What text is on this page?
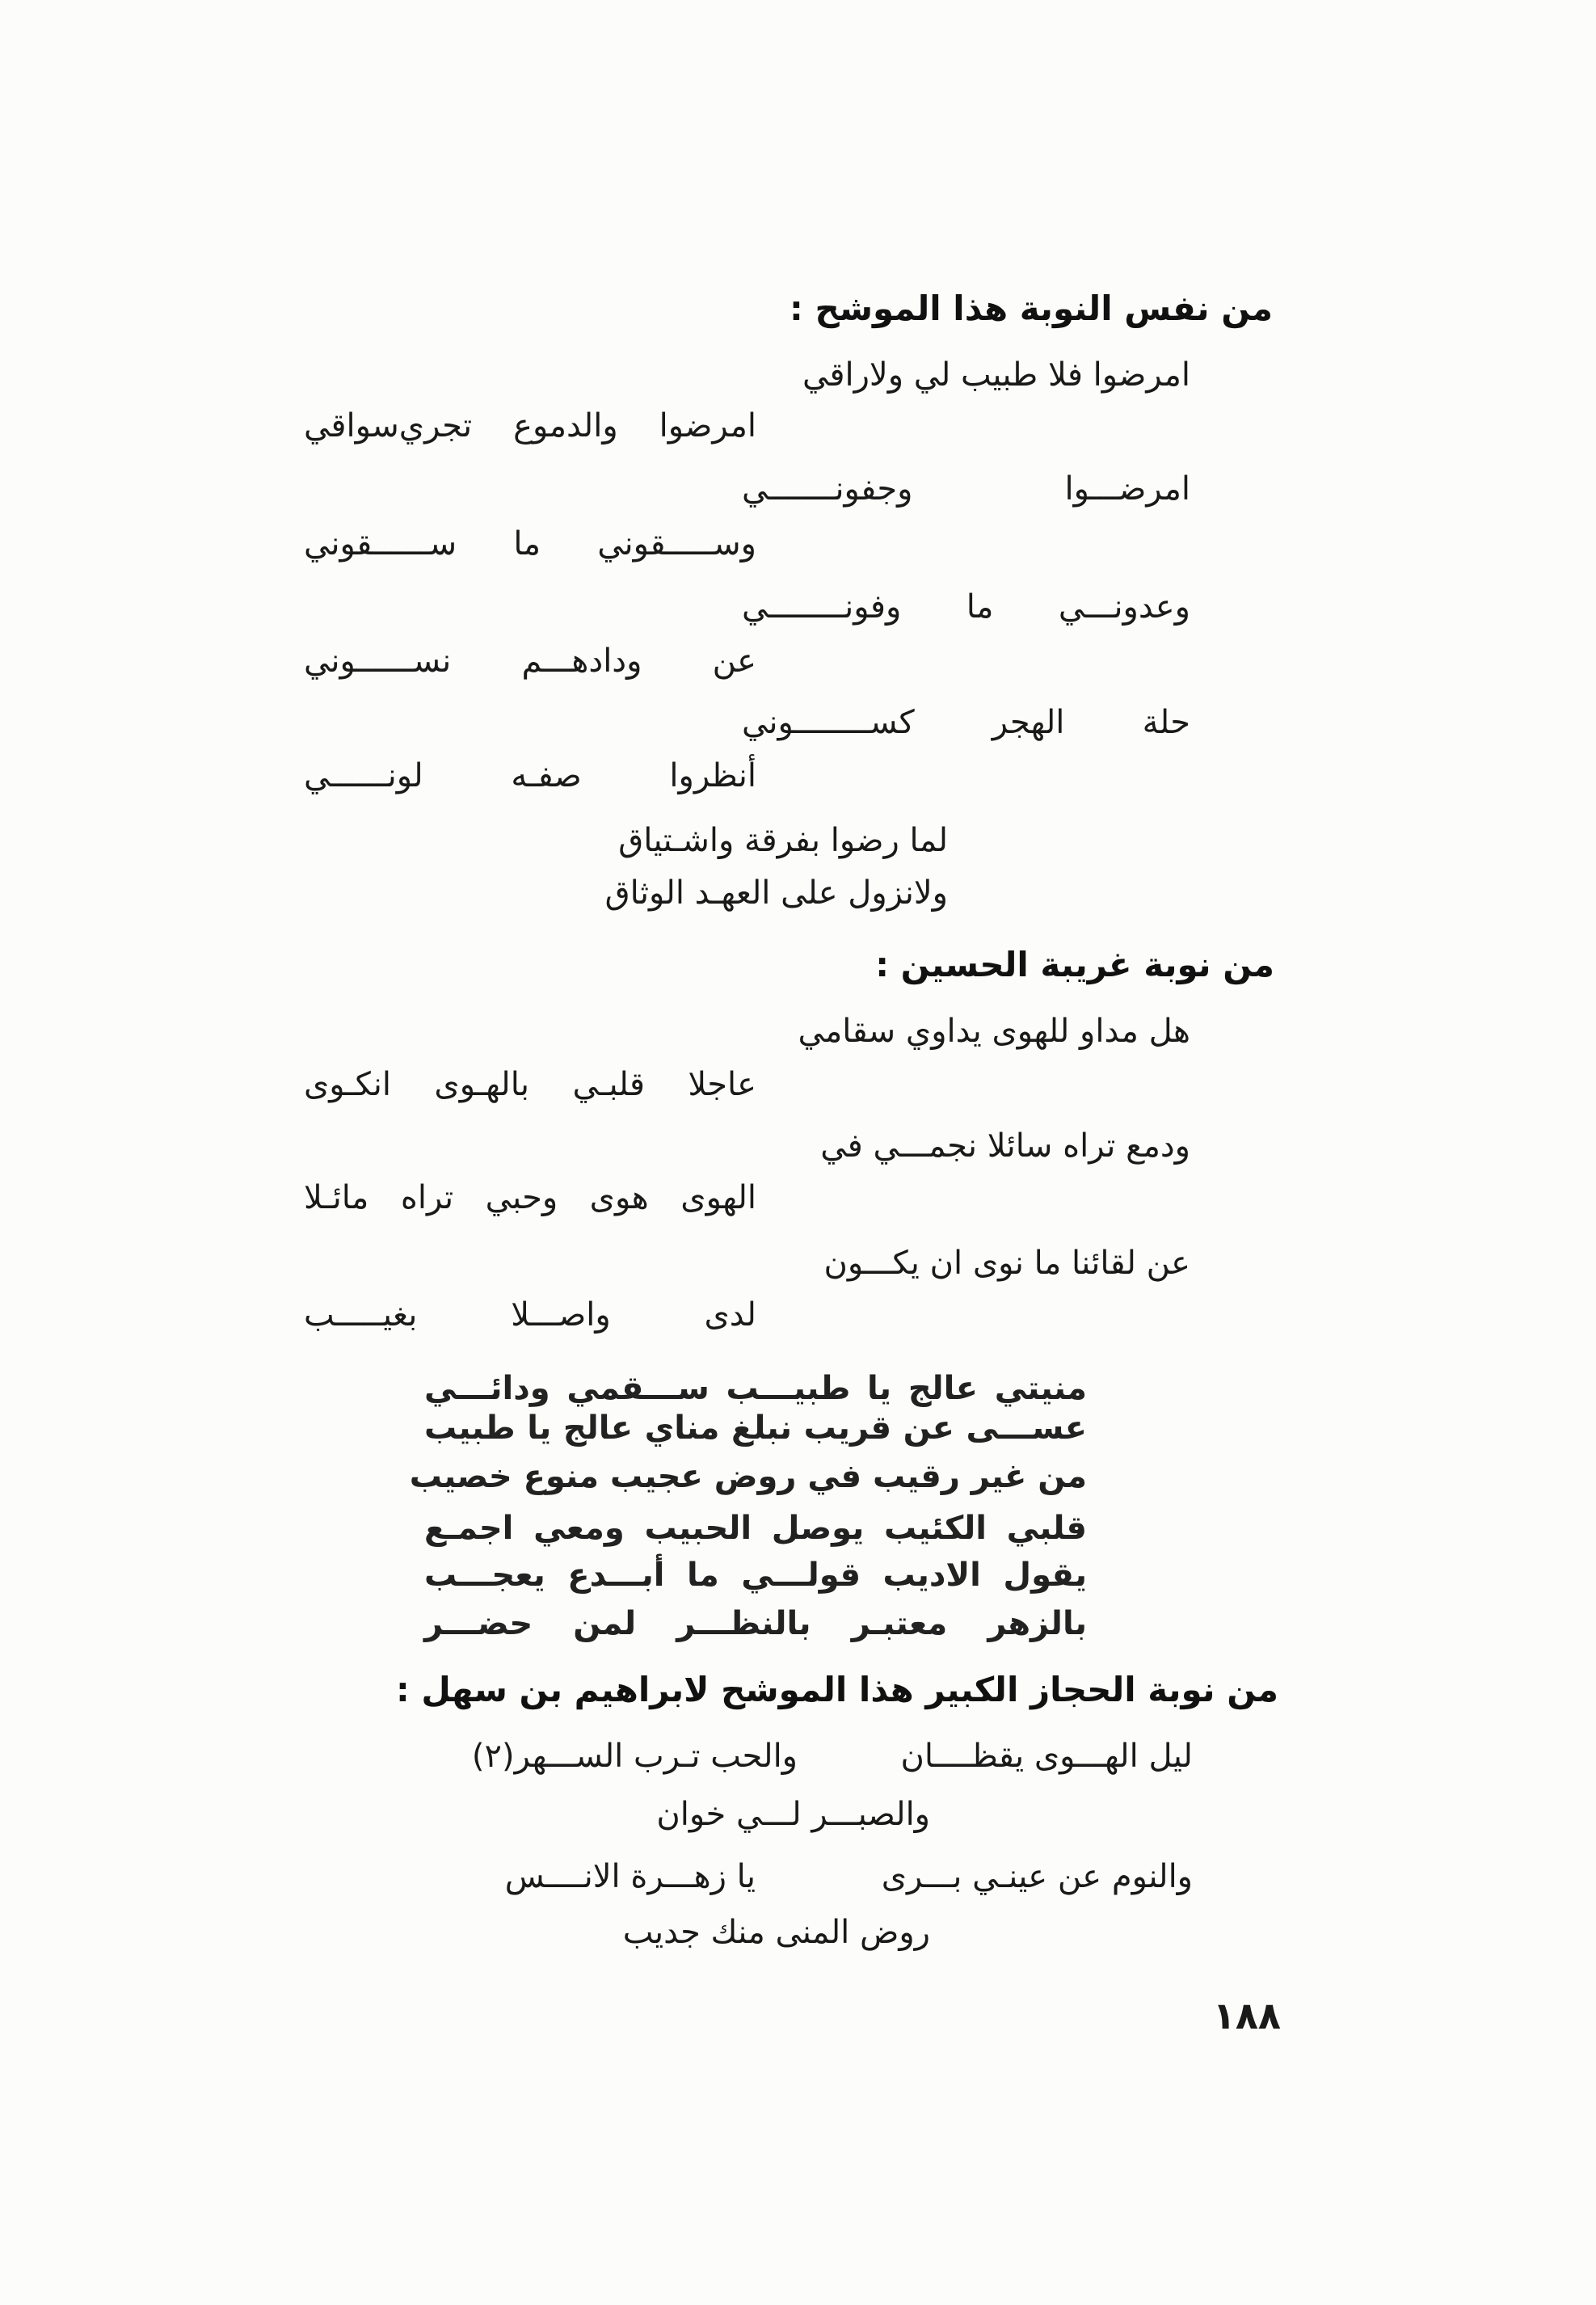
من نفس النوبة هذا الموشح :
امرضوا فلا طبيب لي ولاراقي
امرضوا والدموع تجري‌سواقي
امرضـــوا وجفونـــــــي
وســـــقوني ما ســــــقوني
وعدونـــي ما وفونــــــــي
عن ودادهـــم نســــــوني
حلة الهجر كســــــــوني
أنظروا صفـه لونــــــي
لما رضوا بفرقة واشـتياق
ولانزول على العهـد الوثاق
من نوبة غريبة الحسين :
هل مداو للهوى يداوي سقامي
عاجلا قلبـي بالهـوى انكـوى
ودمع تراه سائلا نجمـــي في
الهوى هوى وحبي تراه مائـلا
عن لقائنا ما نوى ان يكـــون
لدى واصـــلا بغيـــــب
منيتي عالج يا طبيـــب ســـقمي ودائـــي
عســـى عن قريب نبلغ مناي عالج يا طبيب
من غير رقيب في روض عجيب منوع خصيب
قلبي الكئيب يوصل الحبيب ومعي اجمـع
يقول الاديب قولـــي ما أبـــدع يعجـــب
بالزهر معتبـر بالنظـــر لمن حضـــر
من نوبة الحجاز الكبير هذا الموشح لابراهيم بن سهل :
ليل الهـــوى يقظــــان
والحب تـرب الســـهر(٢)
والصبـــر لـــي خوان
والنوم عن عينـي بـــرى
يا زهـــرة الانــــس
روض المنى منك جديب
١٨٨
